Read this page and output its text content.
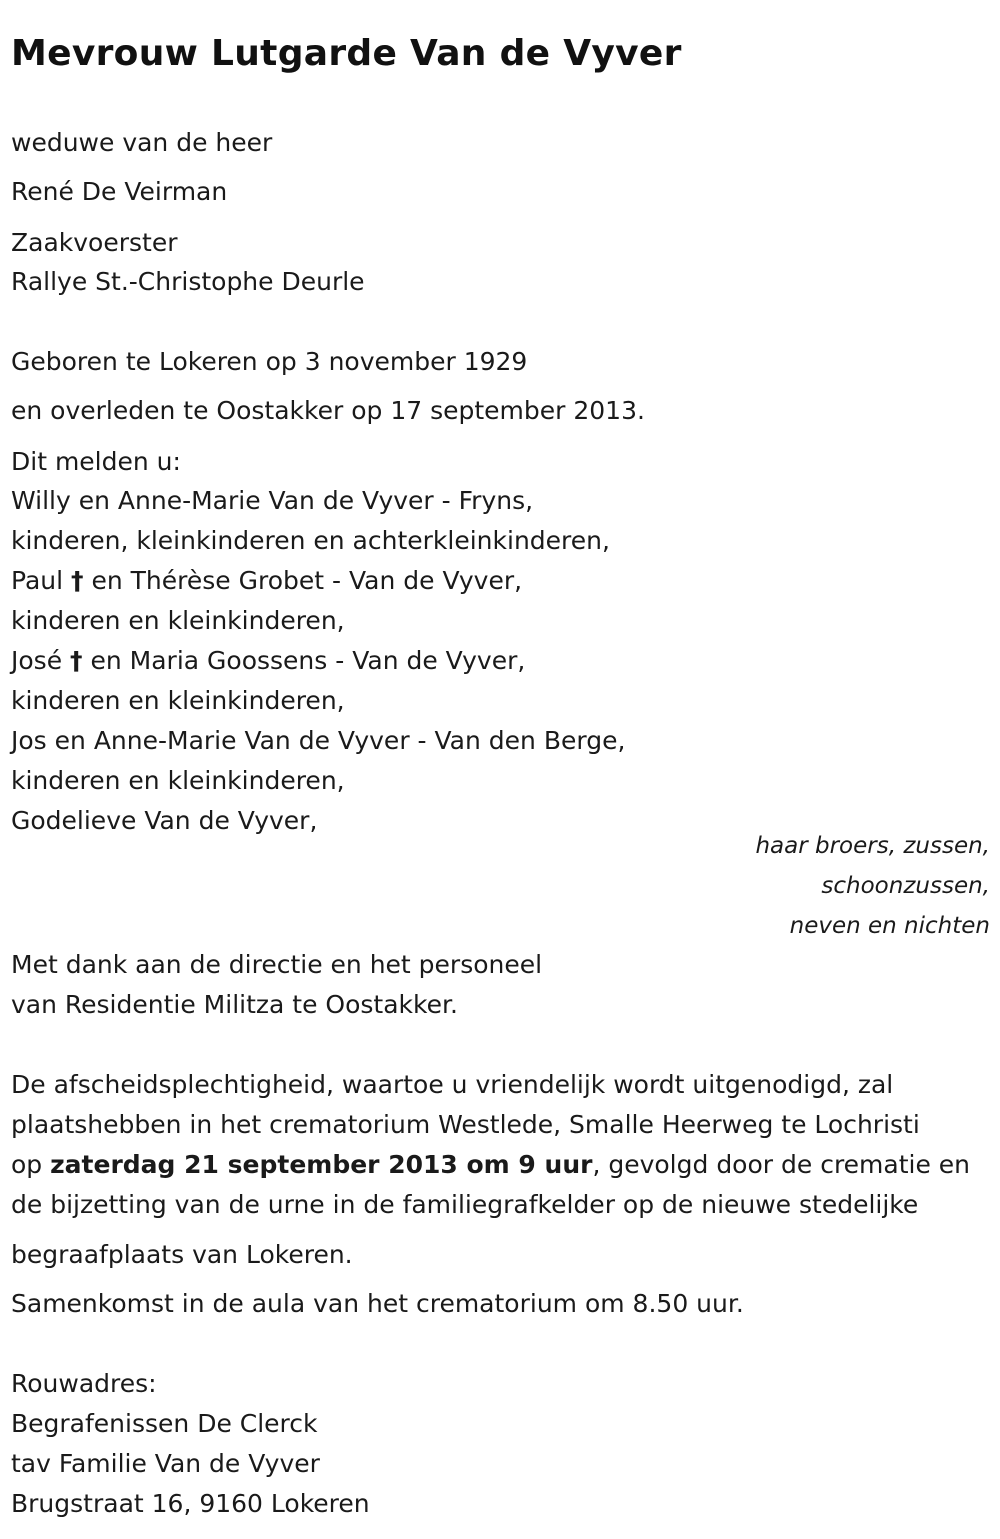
Mevrouw Lutgarde Van de Vyver

weduwe van de heer

René De Veirman

Zaakvoerster

Rallye St.-Christophe Deurle

Geboren te Lokeren op 3 november 1929

en overleden te Oostakker op 17 september 2013.

Dit melden u:

Willy en Anne-Marie Van de Vyver - Fryns,

kinderen, kleinkinderen en achterkleinkinderen,

Paul † en Thérèse Grobet - Van de Vyver,

kinderen en kleinkinderen,

José † en Maria Goossens - Van de Vyver,

kinderen en kleinkinderen,

Jos en Anne-Marie Van de Vyver - Van den Berge,

kinderen en kleinkinderen,

Godelieve Van de Vyver,

haar broers, zussen,

schoonzussen,

neven en nichten

Met dank aan de directie en het personeel

van Residentie Militza te Oostakker.

De afscheidsplechtigheid, waartoe u vriendelijk wordt uitgenodigd, zal

plaatshebben in het crematorium Westlede, Smalle Heerweg te Lochristi

op zaterdag 21 september 2013 om 9 uur, gevolgd door de crematie en

de bijzetting van de urne in de familiegrafkelder op de nieuwe stedelijke

begraafplaats van Lokeren.

Samenkomst in de aula van het crematorium om 8.50 uur.

Rouwadres:

Begrafenissen De Clerck

tav Familie Van de Vyver

Brugstraat 16, 9160 Lokeren
